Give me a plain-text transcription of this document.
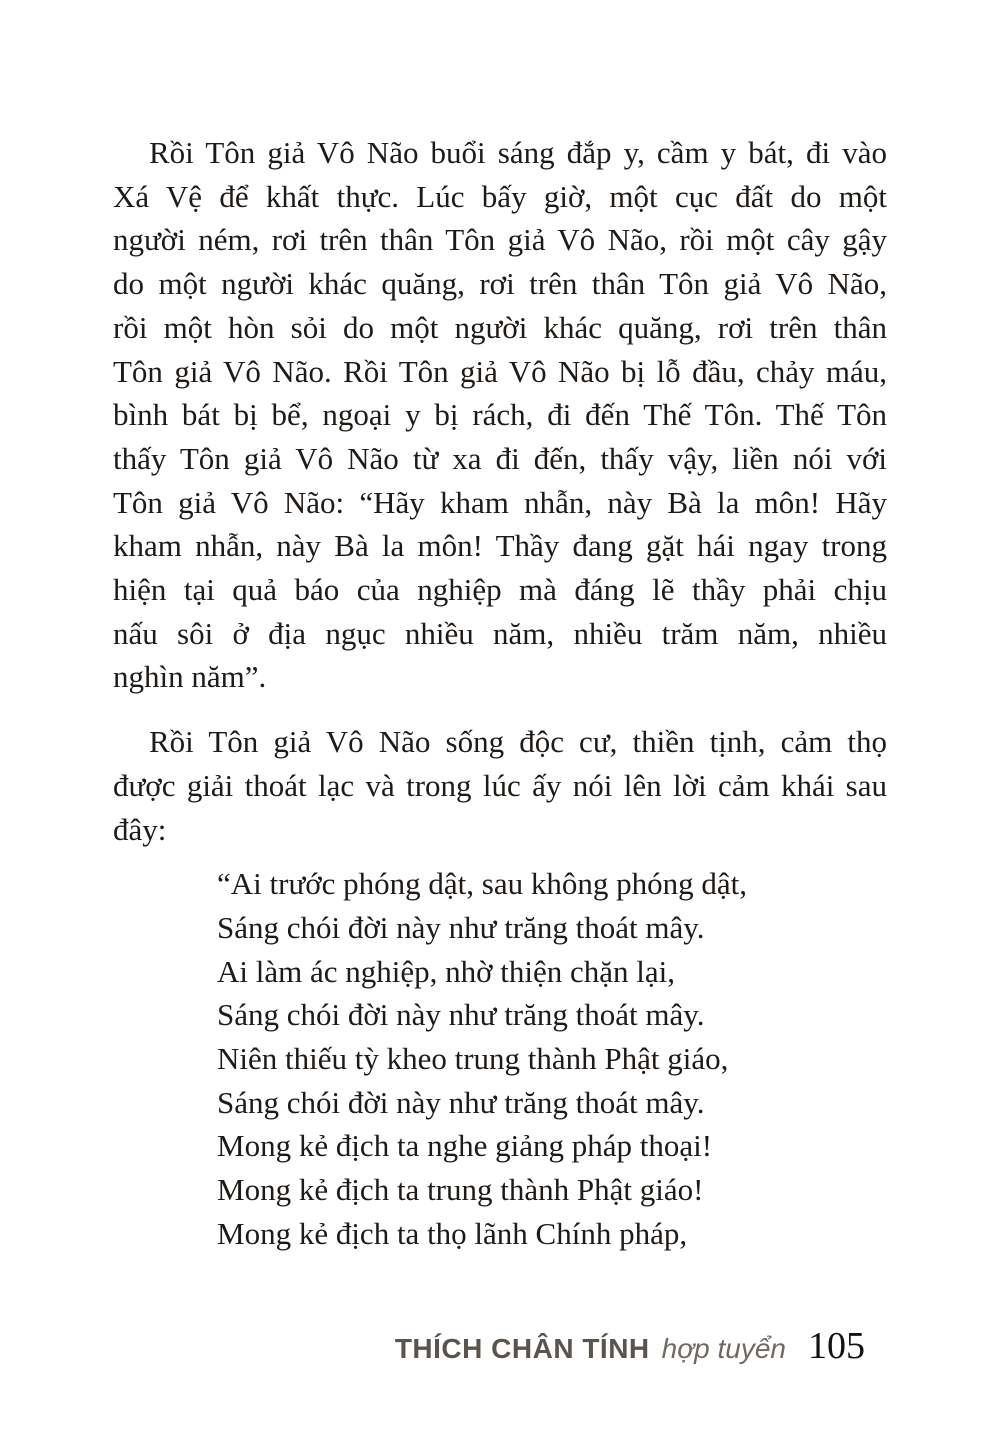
Rồi Tôn giả Vô Não buổi sáng đắp y, cầm y bát, đi vào
Xá Vệ để khất thực. Lúc bấy giờ, một cục đất do một
người ném, rơi trên thân Tôn giả Vô Não, rồi một cây gậy
do một người khác quăng, rơi trên thân Tôn giả Vô Não,
rồi một hòn sỏi do một người khác quăng, rơi trên thân
Tôn giả Vô Não. Rồi Tôn giả Vô Não bị lỗ đầu, chảy máu,
bình bát bị bể, ngoại y bị rách, đi đến Thế Tôn. Thế Tôn
thấy Tôn giả Vô Não từ xa đi đến, thấy vậy, liền nói với
Tôn giả Vô Não: “Hãy kham nhẫn, này Bà la môn! Hãy
kham nhẫn, này Bà la môn! Thầy đang gặt hái ngay trong
hiện tại quả báo của nghiệp mà đáng lẽ thầy phải chịu
nấu sôi ở địa ngục nhiều năm, nhiều trăm năm, nhiều
nghìn năm”.
Rồi Tôn giả Vô Não sống độc cư, thiền tịnh, cảm thọ
được giải thoát lạc và trong lúc ấy nói lên lời cảm khái sau
đây:
“Ai trước phóng dật, sau không phóng dật,
Sáng chói đời này như trăng thoát mây.
Ai làm ác nghiệp, nhờ thiện chặn lại,
Sáng chói đời này như trăng thoát mây.
Niên thiếu tỳ kheo trung thành Phật giáo,
Sáng chói đời này như trăng thoát mây.
Mong kẻ địch ta nghe giảng pháp thoại!
Mong kẻ địch ta trung thành Phật giáo!
Mong kẻ địch ta thọ lãnh Chính pháp,
THÍCH CHÂN TÍNH hợp tuyển 105
